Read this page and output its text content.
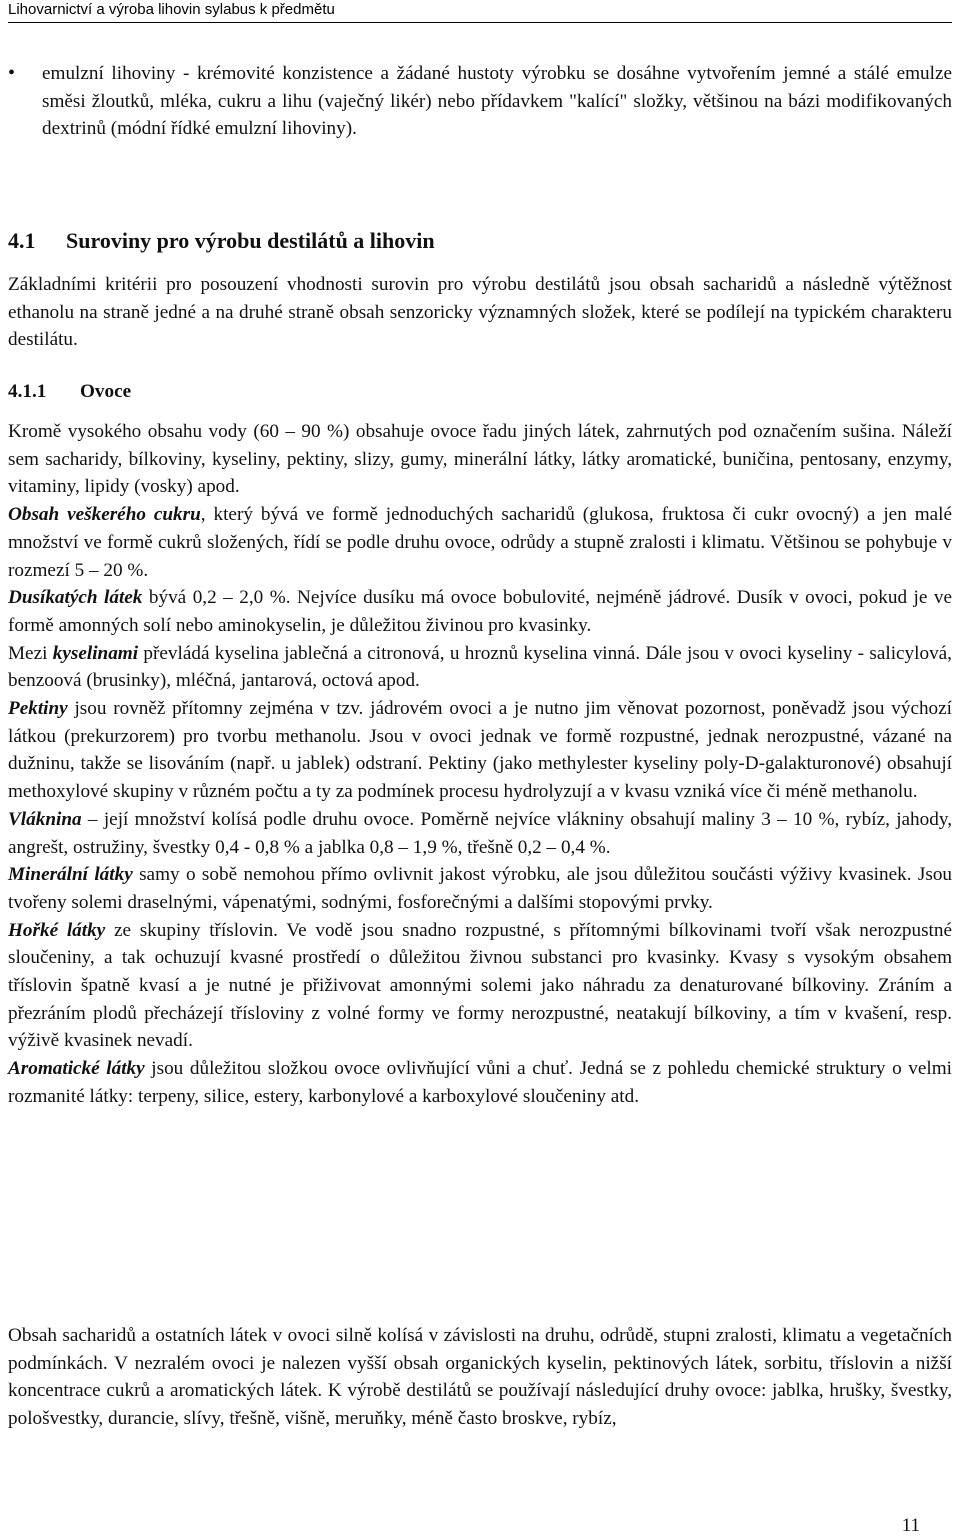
Lihovarnictví a výroba lihovin sylabus k předmětu
• emulzní lihoviny - krémovité konzistence a žádané hustoty výrobku se dosáhne vytvořením jemné a stálé emulze směsi žloutků, mléka, cukru a lihu (vaječný likér) nebo přídavkem "kalící" složky, většinou na bázi modifikovaných dextrinů (módní řídké emulzní lihoviny).
4.1 Suroviny pro výrobu destilátů a lihovin

Základními kritérii pro posouzení vhodnosti surovin pro výrobu destilátů jsou obsah sacharidů a následně výtěžnost ethanolu na straně jedné a na druhé straně obsah senzoricky významných složek, které se podílejí na typickém charakteru destilátu.

4.1.1 Ovoce

Kromě vysokého obsahu vody (60 – 90 %) obsahuje ovoce řadu jiných látek, zahrnutých pod označením sušina. Náleží sem sacharidy, bílkoviny, kyseliny, pektiny, slizy, gumy, minerální látky, látky aromatické, buničina, pentosany, enzymy, vitaminy, lipidy (vosky) apod.

Obsah veškerého cukru, který bývá ve formě jednoduchých sacharidů (glukosa, fruktosa či cukr ovocný) a jen malé množství ve formě cukrů složených, řídí se podle druhu ovoce, odrůdy a stupně zralosti i klimatu. Většinou se pohybuje v rozmezí 5 – 20 %.

Dusíkatých látek bývá 0,2 – 2,0 %. Nejvíce dusíku má ovoce bobulovité, nejméně jádrové. Dusík v ovoci, pokud je ve formě amonných solí nebo aminokyselin, je důležitou živinou pro kvasinky.

Mezi kyselinami převládá kyselina jablečná a citronová, u hroznů kyselina vinná. Dále jsou v ovoci kyseliny - salicylová, benzoová (brusinky), mléčná, jantarová, octová apod.

Pektiny jsou rovněž přítomny zejména v tzv. jádrovém ovoci a je nutno jim věnovat pozornost, poněvadž jsou výchozí látkou (prekurzorem) pro tvorbu methanolu. Jsou v ovoci jednak ve formě rozpustné, jednak nerozpustné, vázané na dužninu, takže se lisováním (např. u jablek) odstraní. Pektiny (jako methylester kyseliny poly-D-galakturonové) obsahují methoxylové skupiny v různém počtu a ty za podmínek procesu hydrolyzují a v kvasu vzniká více či méně methanolu.

Vláknina – její množství kolísá podle druhu ovoce. Poměrně nejvíce vlákniny obsahují maliny 3 – 10 %, rybíz, jahody, angrešt, ostružiny, švestky 0,4 - 0,8 % a jablka 0,8 – 1,9 %, třešně 0,2 – 0,4 %.

Minerální látky samy o sobě nemohou přímo ovlivnit jakost výrobku, ale jsou důležitou součásti výživy kvasinek. Jsou tvořeny solemi draselnými, vápenatými, sodnými, fosforečnými a dalšími stopovými prvky.

Hořké látky ze skupiny tříslovin. Ve vodě jsou snadno rozpustné, s přítomnými bílkovinami tvoří však nerozpustné sloučeniny, a tak ochuzují kvasné prostředí o důležitou živnou substanci pro kvasinky. Kvasy s vysokým obsahem tříslovin špatně kvasí a je nutné je přiživovat amonnými solemi jako náhradu za denaturované bílkoviny. Zráním a přezráním plodů přecházejí třísloviny z volné formy ve formy nerozpustné, neatakují bílkoviny, a tím v kvašení, resp. výživě kvasinek nevadí.

Aromatické látky jsou důležitou složkou ovoce ovlivňující vůni a chuť. Jedná se z pohledu chemické struktury o velmi rozmanité látky: terpeny, silice, estery, karbonylové a karboxylové sloučeniny atd.

Obsah sacharidů a ostatních látek v ovoci silně kolísá v závislosti na druhu, odrůdě, stupni zralosti, klimatu a vegetačních podmínkách. V nezralém ovoci je nalezen vyšší obsah organických kyselin, pektinových látek, sorbitu, tříslovin a nižší koncentrace cukrů a aromatických látek. K výrobě destilátů se používají následující druhy ovoce: jablka, hrušky, švestky, pološvestky, durancie, slívy, třešně, višně, meruňky, méně často broskve, rybíz,

11
